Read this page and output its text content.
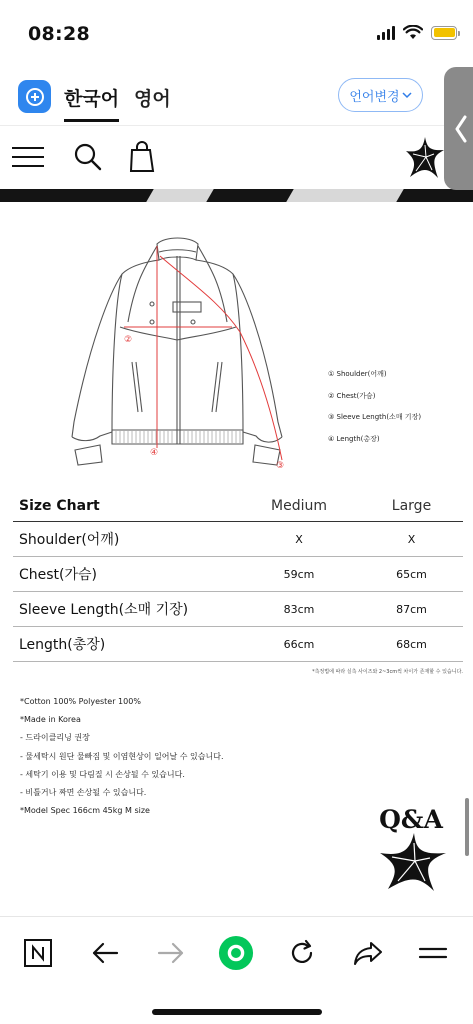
08:28
한국어 영어	언어변경
②
④
③
① Shoulder(어깨)
② Chest(가슴)
③ Sleeve Length(소매 기장)
④ Length(총장)
Size Chart	Medium	Large
Shoulder(어깨)	X	X
Chest(가슴)	59cm	65cm
Sleeve Length(소매 기장)	83cm	87cm
Length(총장)	66cm	68cm
*측정법에 따라 실측 사이즈와 2~3cm씩 차이가 존재할 수 있습니다.
*Cotton 100% Polyester 100%
*Made in Korea
- 드라이클리닝 권장
- 물세탁시 원단 물빠짐 및 이염현상이 일어날 수 있습니다.
- 세탁기 이용 및 다림질 시 손상될 수 있습니다.
- 비틀거나 짜면 손상될 수 있습니다.
*Model Spec 166cm 45kg M size	Q&A
